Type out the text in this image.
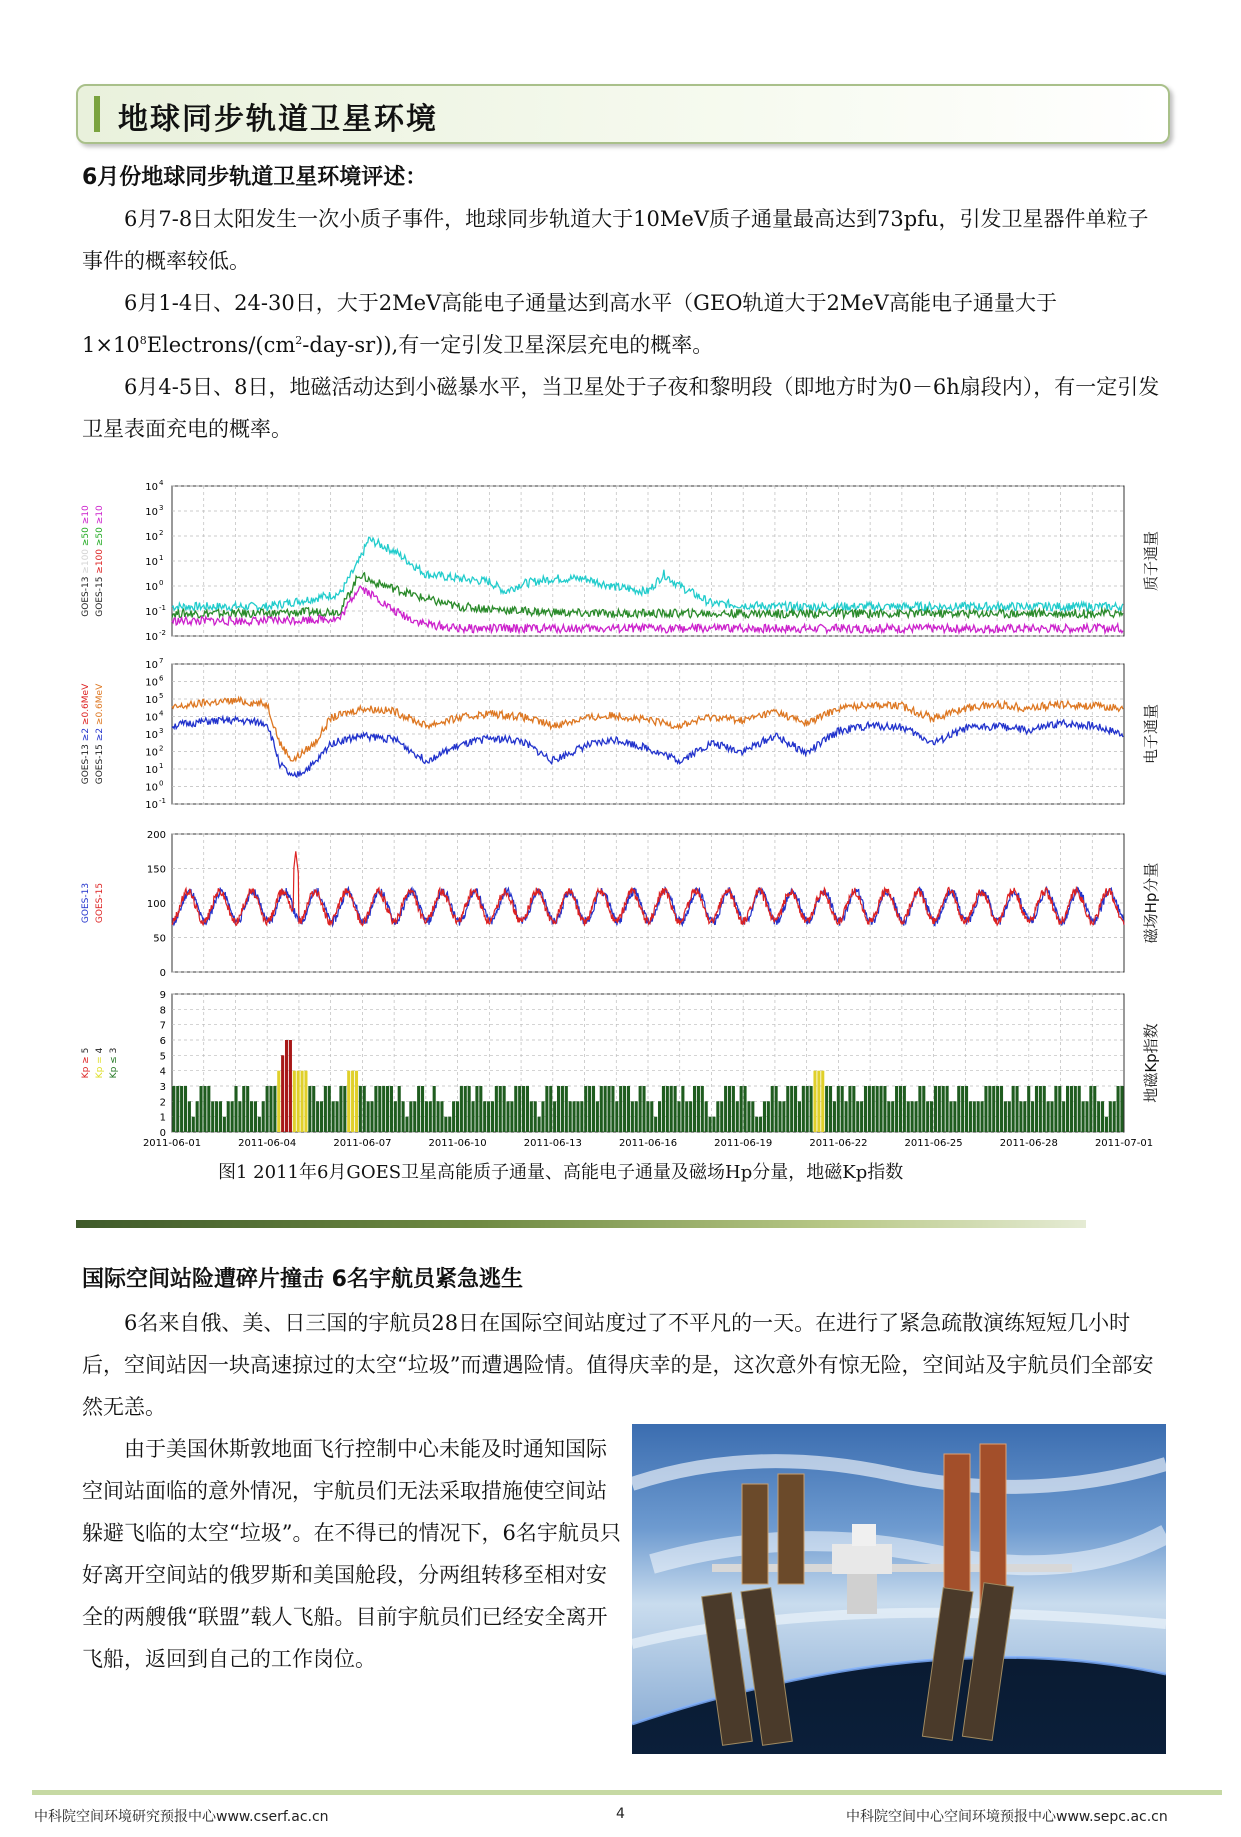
地球同步轨道卫星环境
6月份地球同步轨道卫星环境评述：

6月7-8日太阳发生一次小质子事件，地球同步轨道大于10MeV质子通量最高达到73pfu，引发卫星器件单粒子事件的概率较低。

6月1-4日、24-30日，大于2MeV高能电子通量达到高水平（GEO轨道大于2MeV高能电子通量大于$1\times 10^8Electrons/(cm^2-day-sr)$),有一定引发卫星深层充电的概率。

6月4-5日、8日，地磁活动达到小磁暴水平，当卫星处于子夜和黎明段（即地方时为0－6h扇段内），有一定引发卫星表面充电的概率。

质子通量
GOES-13 ≥100 ≥50 ≥10
GOES-15 ≥100 ≥50 ≥10
10 4
10 3
10 2
10 1
10 0
10 -1
10 -2
电子通量
GOES-13 ≥2 ≥0.6MeV
GOES-15 ≥2 ≥0.6MeV
10 7
10 6
10 5
10 4
10 3
10 2
10 1
10 0
10 -1
磁场Hp分量
GOES-13 GOES-15
0
50
100
150
200
地磁Kp指数
Kp ≥ 5
Kp = 4
Kp ≤ 3
0
1
2
3
4
5
6
7
8
9
2011-06-01	2011-06-04	2011-06-07	2011-06-10	2011-06-13	2011-06-16	2011-06-19	2011-06-22	2011-06-25	2011-06-28	2011-07-01
图1 2011年6月GOES卫星高能质子通量、高能电子通量及磁场Hp分量，地磁Kp指数
国际空间站险遭碎片撞击 6名宇航员紧急逃生

6名来自俄、美、日三国的宇航员28日在国际空间站度过了不平凡的一天。在进行了紧急疏散演练短短几小时后，空间站因一块高速掠过的太空“垃圾”而遭遇险情。值得庆幸的是，这次意外有惊无险，空间站及宇航员们全部安然无恙。

由于美国休斯敦地面飞行控制中心未能及时通知国际空间站面临的意外情况，宇航员们无法采取措施使空间站躲避飞临的太空“垃圾”。在不得已的情况下，6名宇航员只好离开空间站的俄罗斯和美国舱段，分两组转移至相对安全的两艘俄“联盟”载人飞船。目前宇航员们已经安全离开飞船，返回到自己的工作岗位。

中科院空间环境研究预报中心www.cserf.ac.cn	4	中科院空间中心空间环境预报中心www.sepc.ac.cn
